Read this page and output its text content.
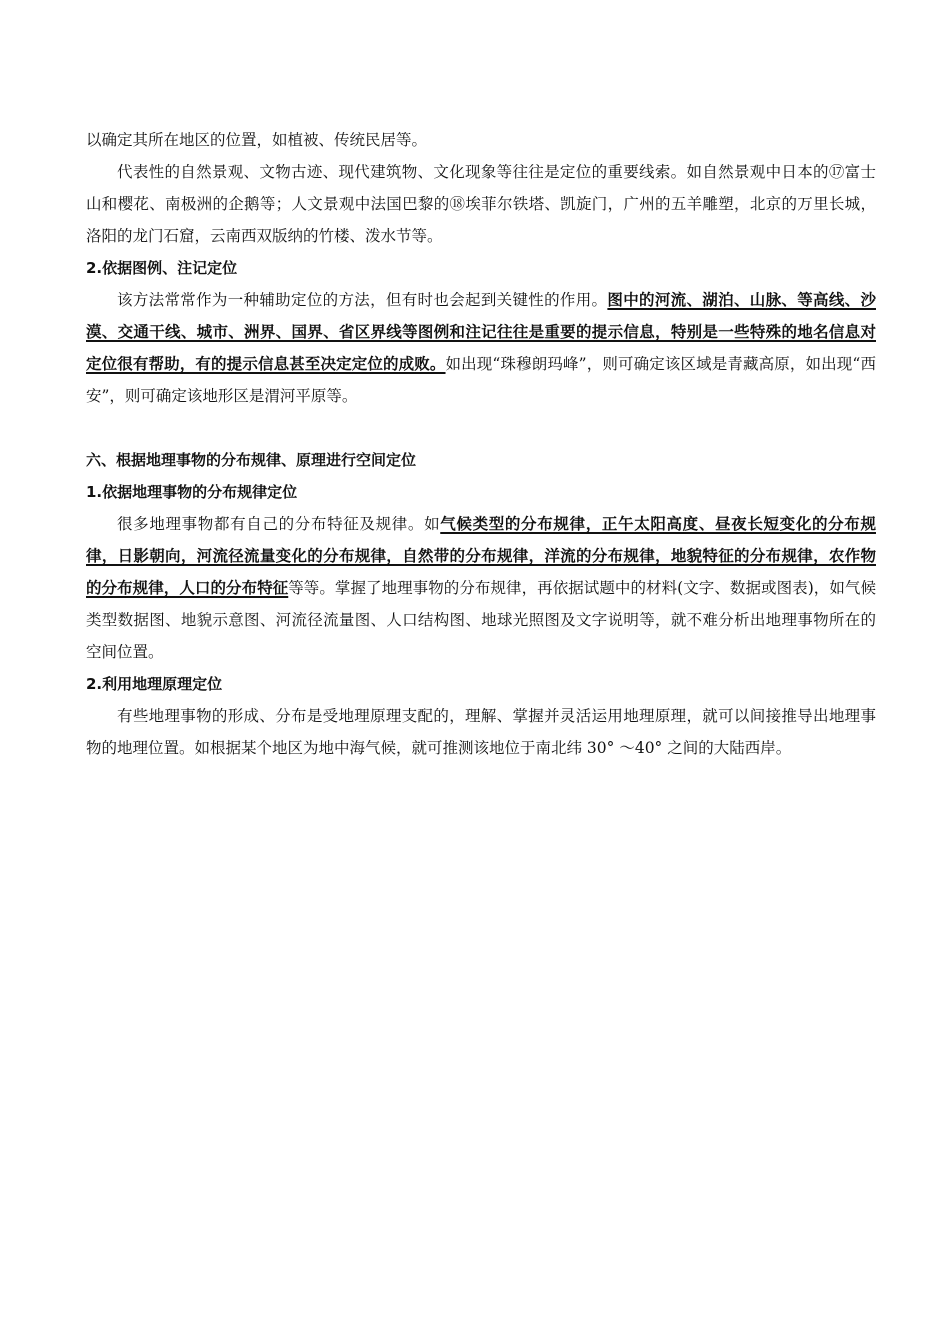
以确定其所在地区的位置，如植被、传统民居等。

代表性的自然景观、文物古迹、现代建筑物、文化现象等往往是定位的重要线索。如自然景观中日本的⑰富士山和樱花、南极洲的企鹅等；人文景观中法国巴黎的⑱埃菲尔铁塔、凯旋门，广州的五羊雕塑，北京的万里长城，洛阳的龙门石窟，云南西双版纳的竹楼、泼水节等。

2.依据图例、注记定位

该方法常常作为一种辅助定位的方法，但有时也会起到关键性的作用。图中的河流、湖泊、山脉、等高线、沙漠、交通干线、城市、洲界、国界、省区界线等图例和注记往往是重要的提示信息，特别是一些特殊的地名信息对定位很有帮助，有的提示信息甚至决定定位的成败。如出现“珠穆朗玛峰”，则可确定该区域是青藏高原，如出现“西安”，则可确定该地形区是渭河平原等。

六、根据地理事物的分布规律、原理进行空间定位

1.依据地理事物的分布规律定位

很多地理事物都有自己的分布特征及规律。如气候类型的分布规律，正午太阳高度、昼夜长短变化的分布规律，日影朝向，河流径流量变化的分布规律，自然带的分布规律，洋流的分布规律，地貌特征的分布规律，农作物的分布规律，人口的分布特征等等。掌握了地理事物的分布规律，再依据试题中的材料(文字、数据或图表)，如气候类型数据图、地貌示意图、河流径流量图、人口结构图、地球光照图及文字说明等，就不难分析出地理事物所在的空间位置。

2.利用地理原理定位

有些地理事物的形成、分布是受地理原理支配的，理解、掌握并灵活运用地理原理，就可以间接推导出地理事物的地理位置。如根据某个地区为地中海气候，就可推测该地位于南北纬 30° ～40° 之间的大陆西岸。
